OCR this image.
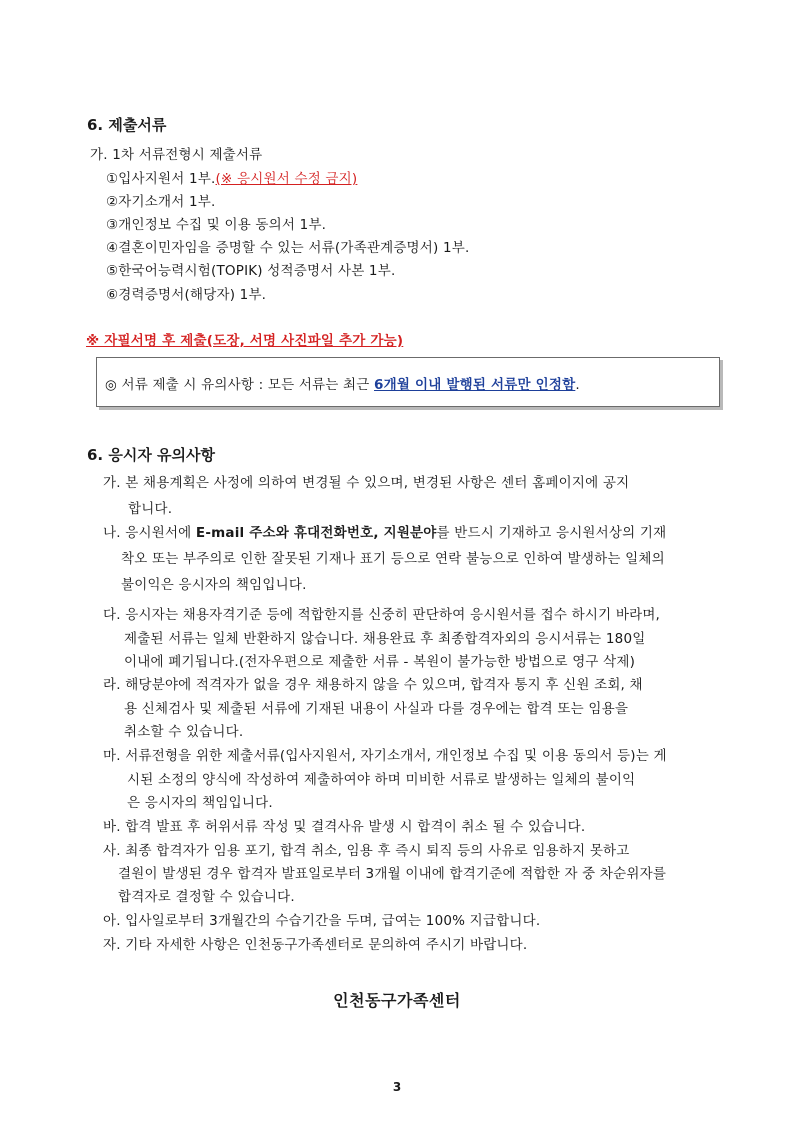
6. 제출서류
가. 1차 서류전형시 제출서류
①입사지원서 1부.(※ 응시원서 수정 금지)
②자기소개서 1부.
③개인정보 수집 및 이용 동의서 1부.
④결혼이민자임을 증명할 수 있는 서류(가족관계증명서) 1부.
⑤한국어능력시험(TOPIK) 성적증명서 사본 1부.
⑥경력증명서(해당자) 1부.
※ 자필서명 후 제출(도장, 서명 사진파일 추가 가능)
◎ 서류 제출 시 유의사항 : 모든 서류는 최근 6개월 이내 발행된 서류만 인정함.
6. 응시자 유의사항
가. 본 채용계획은 사정에 의하여 변경될 수 있으며, 변경된 사항은 센터 홈페이지에 공지
합니다.
나. 응시원서에 E-mail 주소와 휴대전화번호, 지원분야를 반드시 기재하고 응시원서상의 기재
착오 또는 부주의로 인한 잘못된 기재나 표기 등으로 연락 불능으로 인하여 발생하는 일체의
불이익은 응시자의 책임입니다.
다. 응시자는 채용자격기준 등에 적합한지를 신중히 판단하여 응시원서를 접수 하시기 바라며,
제출된 서류는 일체 반환하지 않습니다. 채용완료 후 최종합격자외의 응시서류는 180일
이내에 폐기됩니다.(전자우편으로 제출한 서류 - 복원이 불가능한 방법으로 영구 삭제)
라. 해당분야에 적격자가 없을 경우 채용하지 않을 수 있으며, 합격자 통지 후 신원 조회, 채
용 신체검사 및 제출된 서류에 기재된 내용이 사실과 다를 경우에는 합격 또는 임용을
취소할 수 있습니다.
마. 서류전형을 위한 제출서류(입사지원서, 자기소개서, 개인정보 수집 및 이용 동의서 등)는 게
시된 소정의 양식에 작성하여 제출하여야 하며 미비한 서류로 발생하는 일체의 불이익
은 응시자의 책임입니다.
바. 합격 발표 후 허위서류 작성 및 결격사유 발생 시 합격이 취소 될 수 있습니다.
사. 최종 합격자가 임용 포기, 합격 취소, 임용 후 즉시 퇴직 등의 사유로 임용하지 못하고
결원이 발생된 경우 합격자 발표일로부터 3개월 이내에 합격기준에 적합한 자 중 차순위자를
합격자로 결정할 수 있습니다.
아. 입사일로부터 3개월간의 수습기간을 두며, 급여는 100% 지급합니다.
자. 기타 자세한 사항은 인천동구가족센터로 문의하여 주시기 바랍니다.
인천동구가족센터
3
